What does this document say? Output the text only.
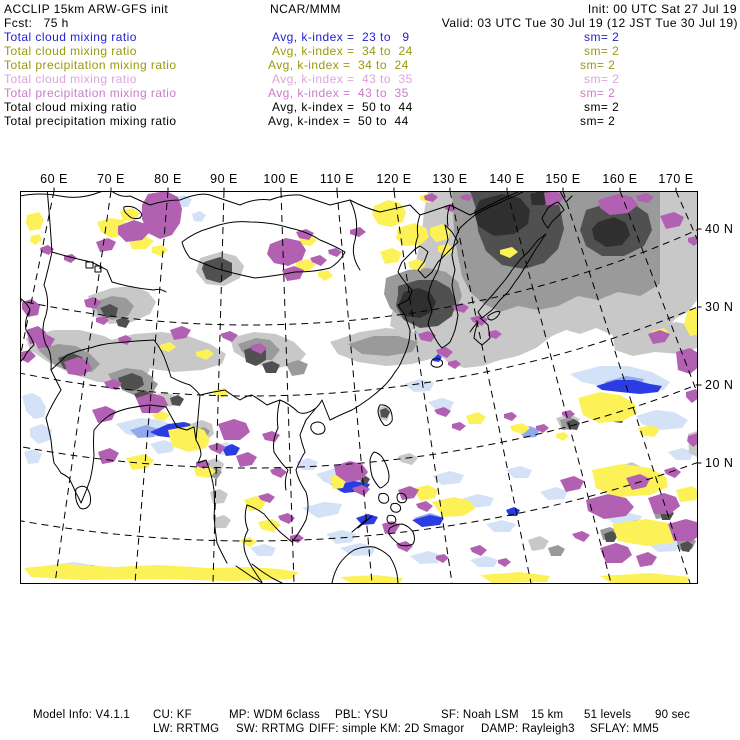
ACCLIP 15km ARW-GFS init	NCAR/MMM	Init: 00 UTC Sat 27 Jul 19
Fcst:   75 h	Valid: 03 UTC Tue 30 Jul 19 (12 JST Tue 30 Jul 19)
Total cloud mixing ratio	Avg, k-index =  23 to   9	sm= 2
Total cloud mixing ratio	Avg, k-index =  34 to  24	sm= 2
Total precipitation mixing ratio	Avg, k-index =  34 to  24	sm= 2
Total cloud mixing ratio	Avg, k-index =  43 to  35	sm= 2
Total precipitation mixing ratio	Avg, k-index =  43 to  35	sm= 2
Total cloud mixing ratio	Avg, k-index =  50 to  44	sm= 2
Total precipitation mixing ratio	Avg, k-index =  50 to  44	sm= 2
60 E 70 E 80 E 90 E 100 E 110 E 120 E 130 E 140 E 150 E 160 E 170 E
40 N
30 N
20 N
10 N
Model Info: V4.1.1 CU: KF	MP: WDM 6class PBL: YSU	SF: Noah LSM 15 km 51 levels 90 sec
LW: RRTMG SW: RRTMG DIFF: simple KM: 2D Smagor DAMP: Rayleigh3 SFLAY: MM5
